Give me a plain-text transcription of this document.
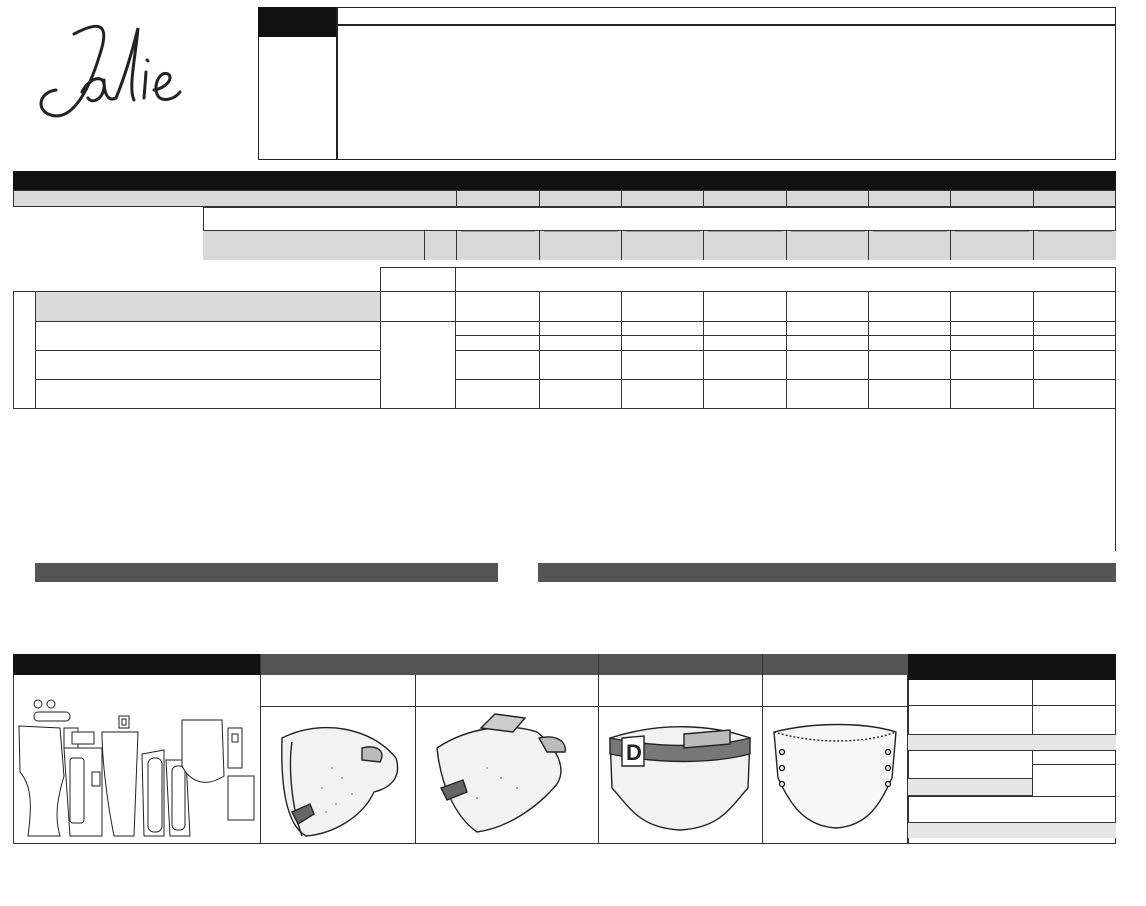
D
